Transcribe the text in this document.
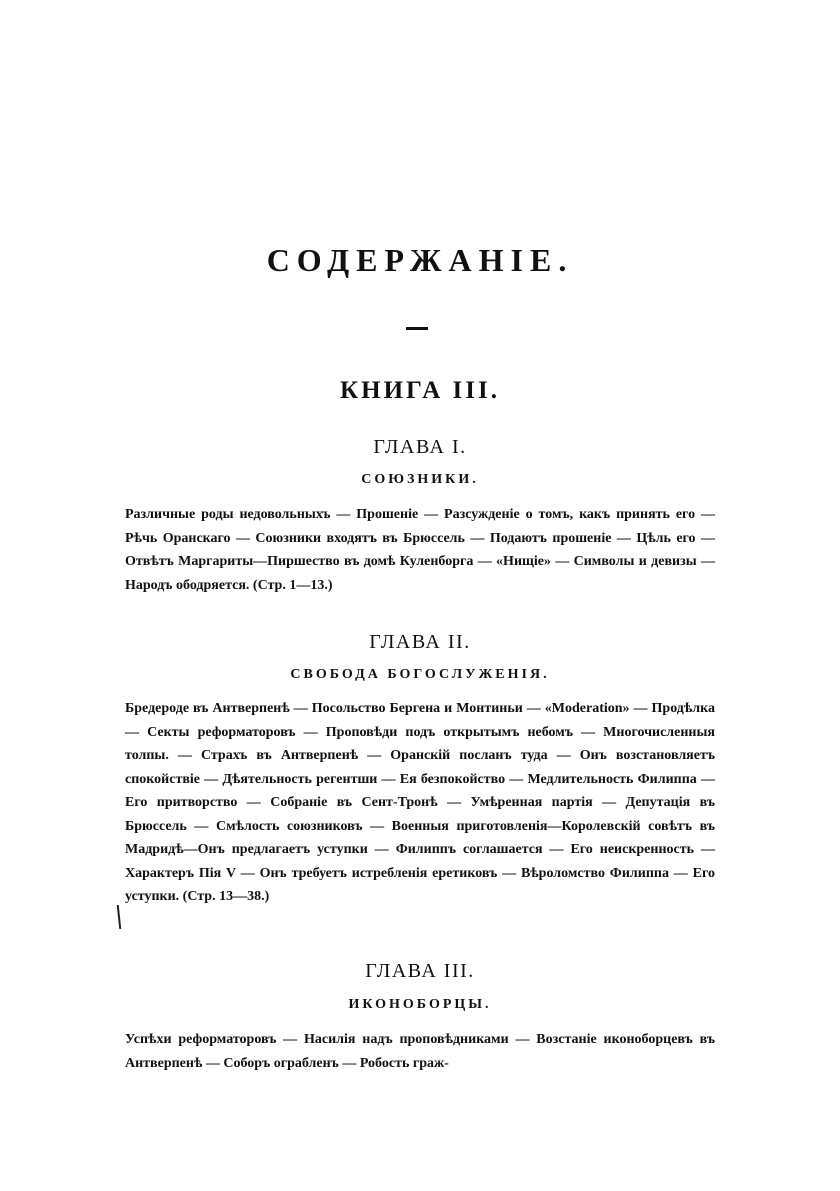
СОДЕРЖАНІЕ.
КНИГА III.
ГЛАВА I.
СОЮЗНИКИ.
Различные роды недовольныхъ — Прошеніе — Разсужденіе о томъ, какъ принять его — Рѣчь Оранскаго — Союзники входятъ въ Брюссель — Подаютъ прошеніе — Цѣль его — Отвѣтъ Маргариты—Пиршество въ домѣ Куленборга — «Нищіе» — Символы и девизы — Народъ ободряется. (Стр. 1—13.)
ГЛАВА II.
СВОБОДА БОГОСЛУЖЕНІЯ.
Бредероде въ Антверпенѣ — Посольство Бергена и Монтиньи — «Moderation» — Продѣлка — Секты реформаторовъ — Проповѣди подъ открытымъ небомъ — Многочисленныя толпы. — Страхъ въ Антверпенѣ — Оранскій посланъ туда — Онъ возстановляетъ спокойствіе — Дѣятельность регентши — Ея безпокойство — Медлительность Филиппа — Его притворство — Собраніе въ Сент-Тронѣ — Умѣренная партія — Депутація въ Брюссель — Смѣлость союзниковъ — Военныя приготовленія—Королевскій совѣтъ въ Мадридѣ—Онъ предлагаетъ уступки — Филиппъ соглашается — Его неискренность — Характеръ Пія V — Онъ требуетъ истребленія еретиковъ — Вѣроломство Филиппа — Его уступки. (Стр. 13—38.)
ГЛАВА III.
ИКОНОБОРЦЫ.
Успѣхи реформаторовъ — Насилія надъ проповѣдниками — Возстаніе иконоборцевъ въ Антверпенѣ — Соборъ ограбленъ — Робость граж-
